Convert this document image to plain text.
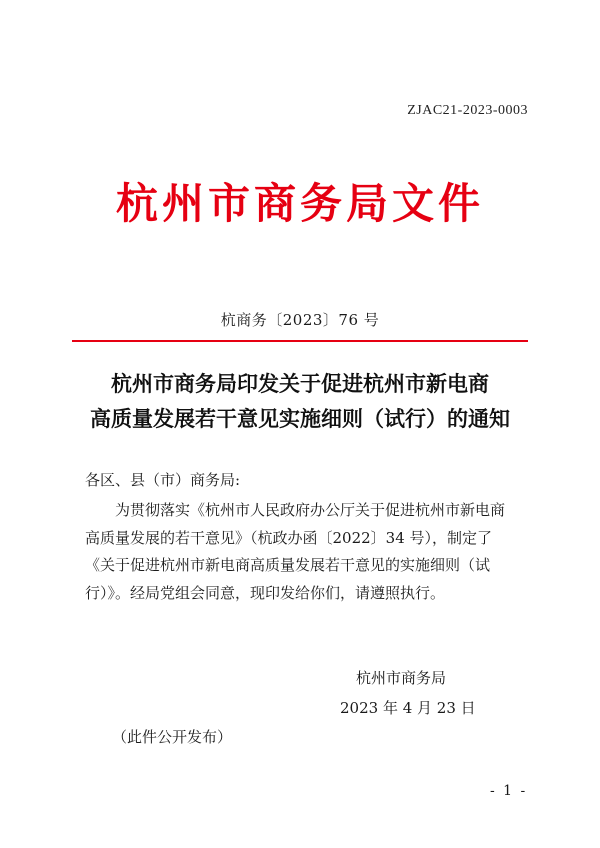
ZJAC21-2023-0003
杭州市商务局文件
杭商务〔2023〕76 号
杭州市商务局印发关于促进杭州市新电商
高质量发展若干意见实施细则（试行）的通知
各区、县（市）商务局:
为贯彻落实《杭州市人民政府办公厅关于促进杭州市新电商
高质量发展的若干意见》（杭政办函〔2022〕34 号），制定了
《关于促进杭州市新电商高质量发展若干意见的实施细则（试
行）》。经局党组会同意，现印发给你们，请遵照执行。
杭州市商务局
2023 年 4 月 23 日
（此件公开发布）
- 1 -
